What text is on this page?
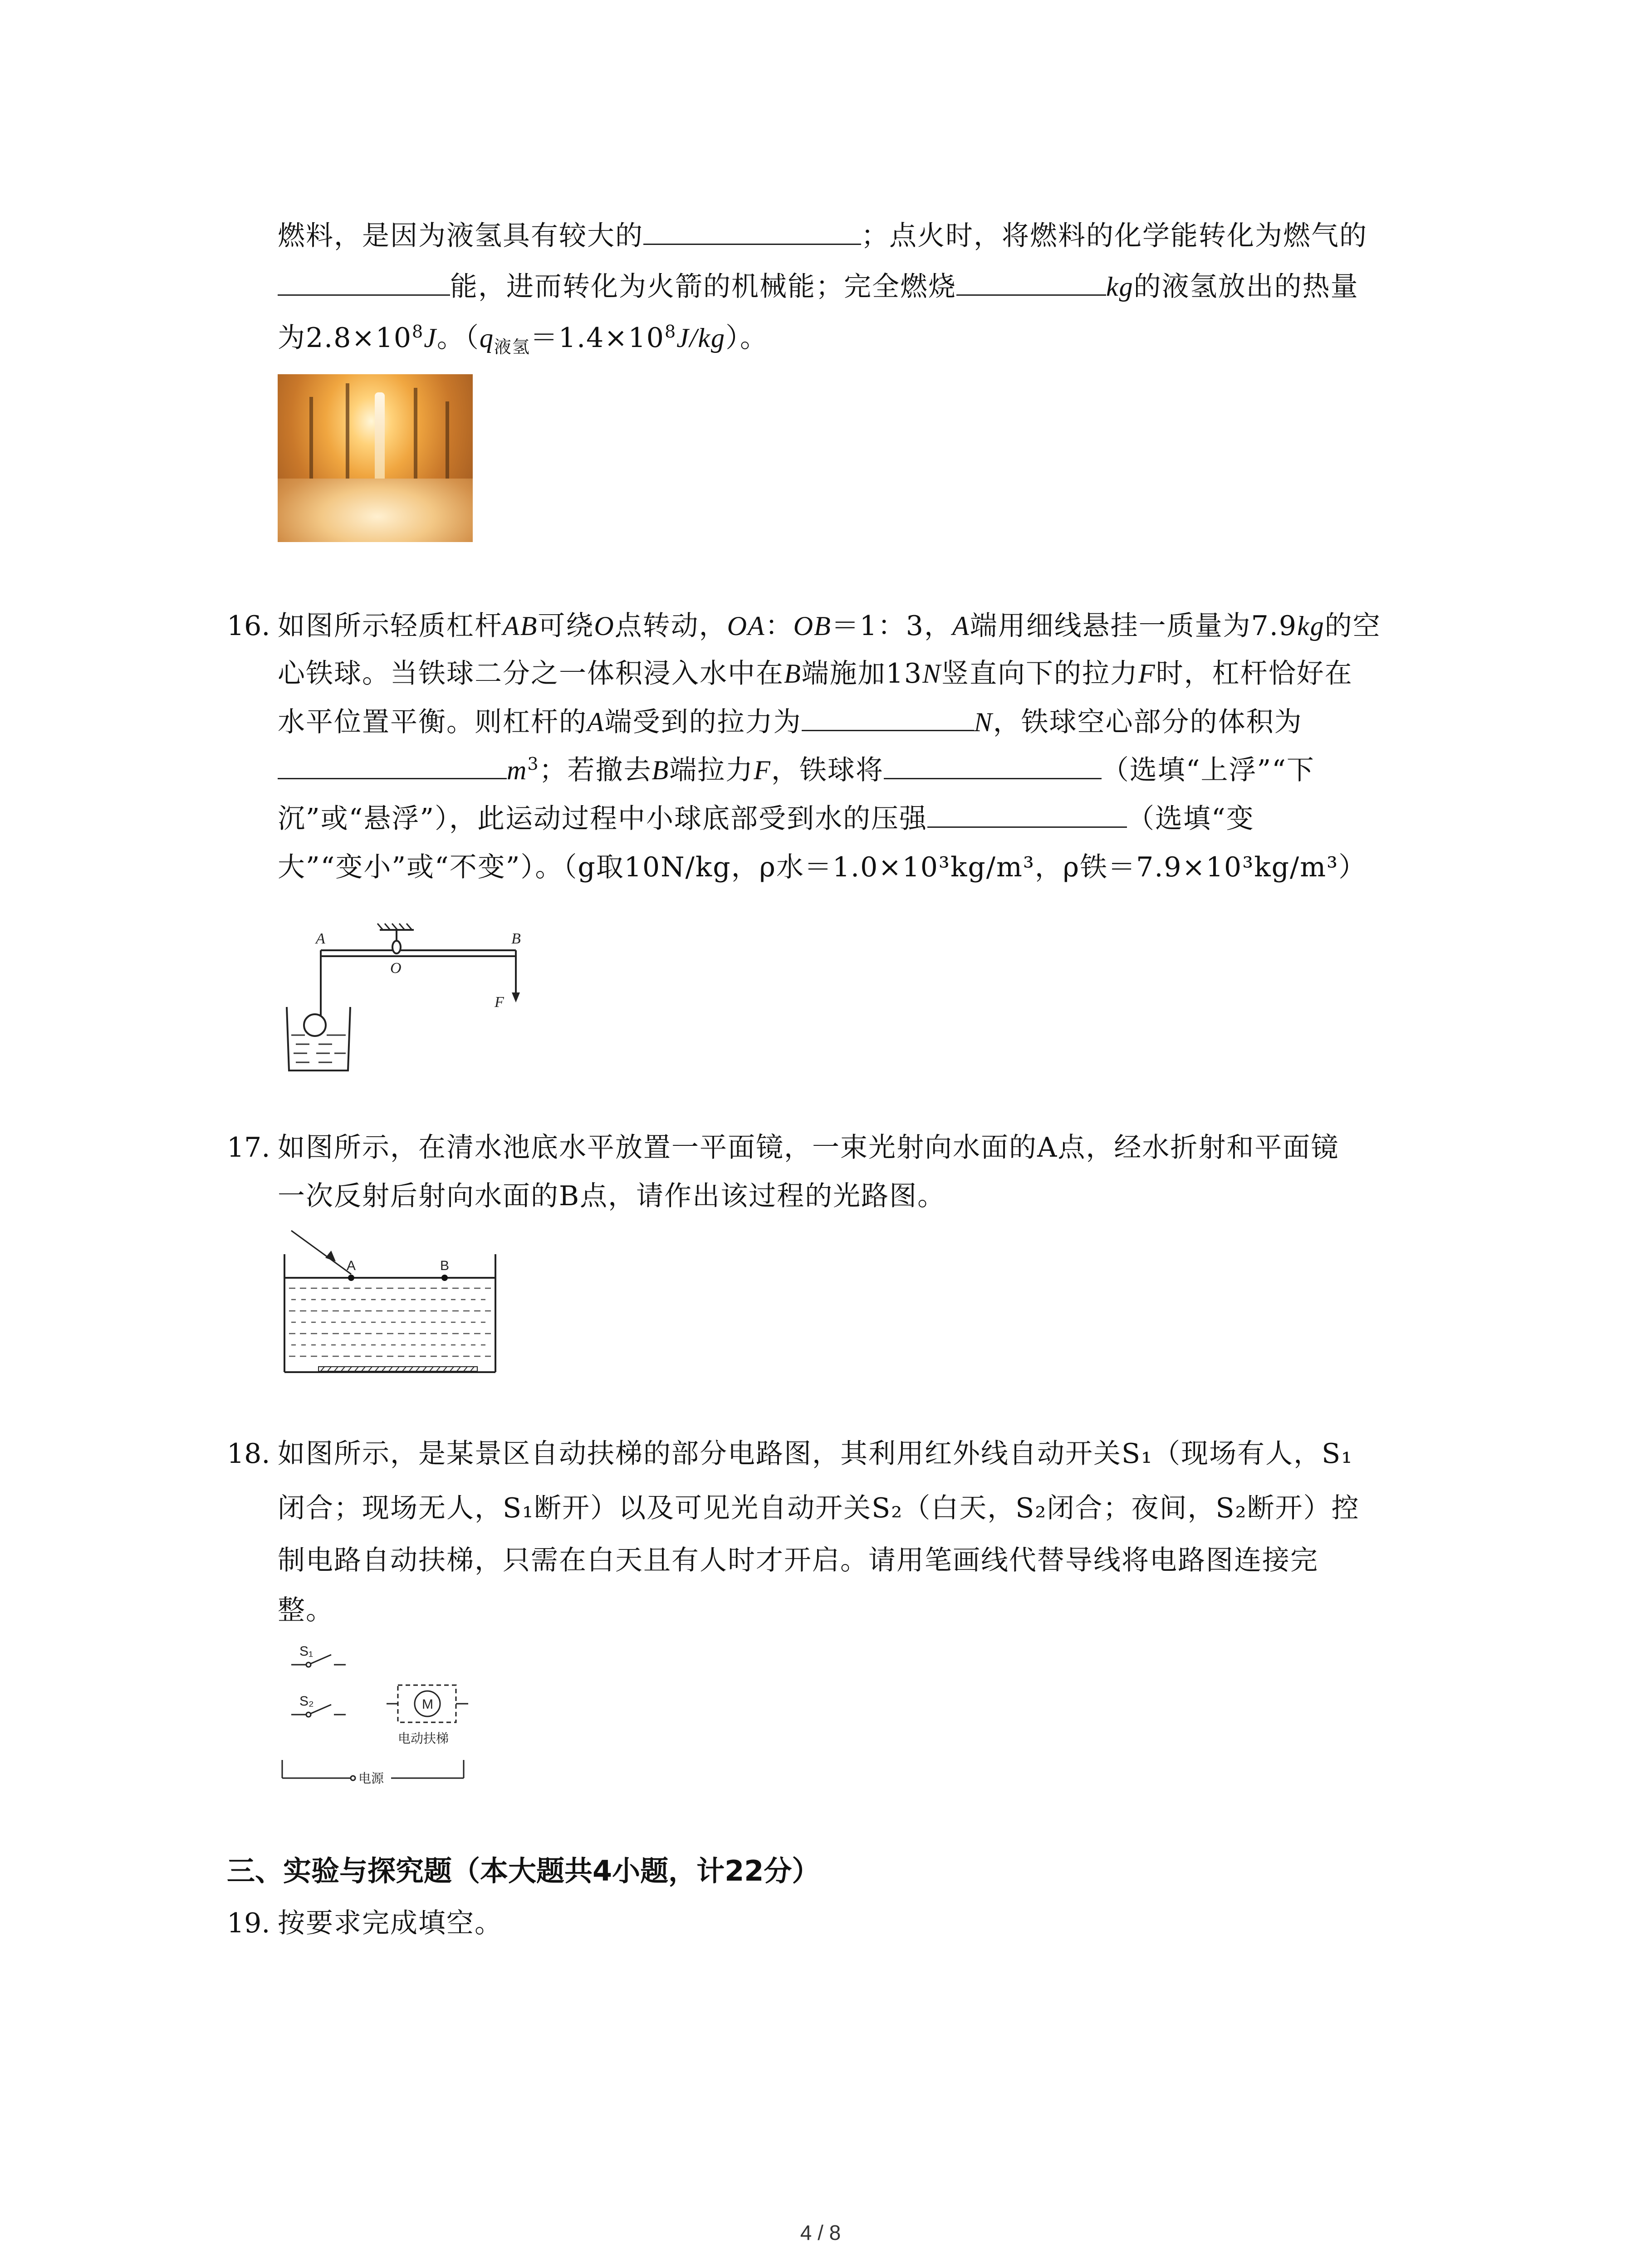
燃料，是因为液氢具有较大的	；点火时，将燃料的化学能转化为燃气的
能，进而转化为火箭的机械能；完全燃烧	kg的液氢放出的热量
为$2.8\times 10^8J$。$(q_{液氢}=1.4\times 10^8J/kg)$。
16. 如图所示轻质杠杆AB可绕O点转动，OA：OB＝1：3，A端用细线悬挂一质量为7.9kg的空
心铁球。当铁球二分之一体积浸入水中在B端施加13N竖直向下的拉力F时，杠杆恰好在
水平位置平衡。则杠杆的A端受到的拉力为	N，铁球空心部分的体积为
$m^3$；若撤去B端拉力F，铁球将	（选填“上浮”“下
沉”或“悬浮”），此运动过程中小球底部受到水的压强	（选填“变
大”“变小”或“不变”）。（g取10N/kg，ρ水＝1.0×10³kg/m³，ρ铁＝7.9×10³kg/m³）
A	B
O
F
17. 如图所示，在清水池底水平放置一平面镜，一束光射向水面的A点，经水折射和平面镜
一次反射后射向水面的B点，请作出该过程的光路图。
A	B
18. 如图所示，是某景区自动扶梯的部分电路图，其利用红外线自动开关S₁（现场有人，S₁
闭合；现场无人，S₁断开）以及可见光自动开关S₂（白天，S₂闭合；夜间，S₂断开）控
制电路自动扶梯，只需在白天且有人时才开启。请用笔画线代替导线将电路图连接完
整。
S₁
S₂	M
电动扶梯
电源
三、实验与探究题（本大题共4小题，计22分）
19. 按要求完成填空。
4 / 8
